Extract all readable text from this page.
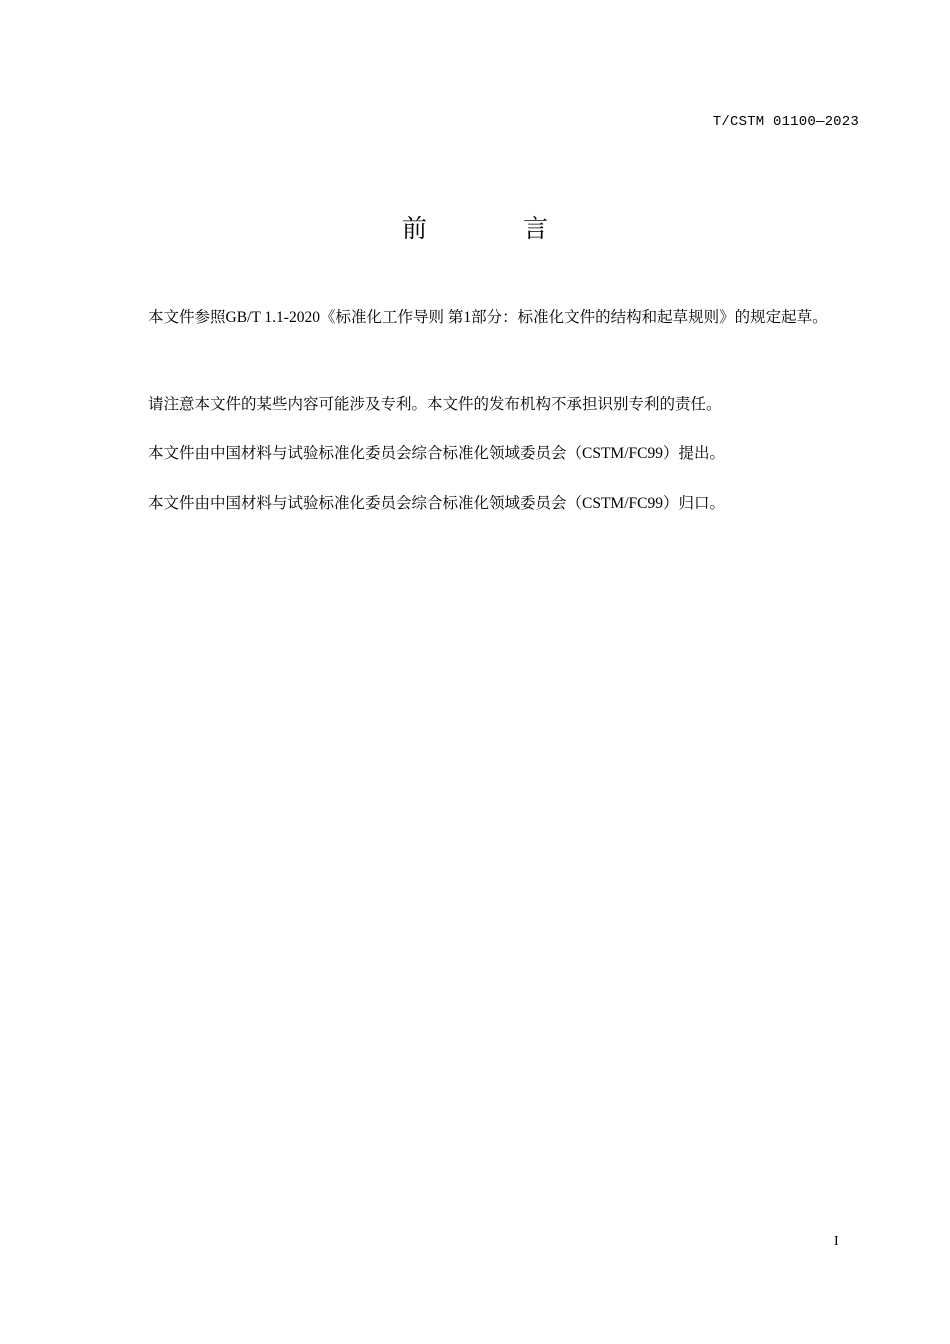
T/CSTM 01100—2023
前 言

本文件参照GB/T 1.1-2020《标准化工作导则 第1部分：标准化文件的结构和起草规则》的规定起草。

请注意本文件的某些内容可能涉及专利。本文件的发布机构不承担识别专利的责任。

本文件由中国材料与试验标准化委员会综合标准化领域委员会（CSTM/FC99）提出。

本文件由中国材料与试验标准化委员会综合标准化领域委员会（CSTM/FC99）归口。

I
